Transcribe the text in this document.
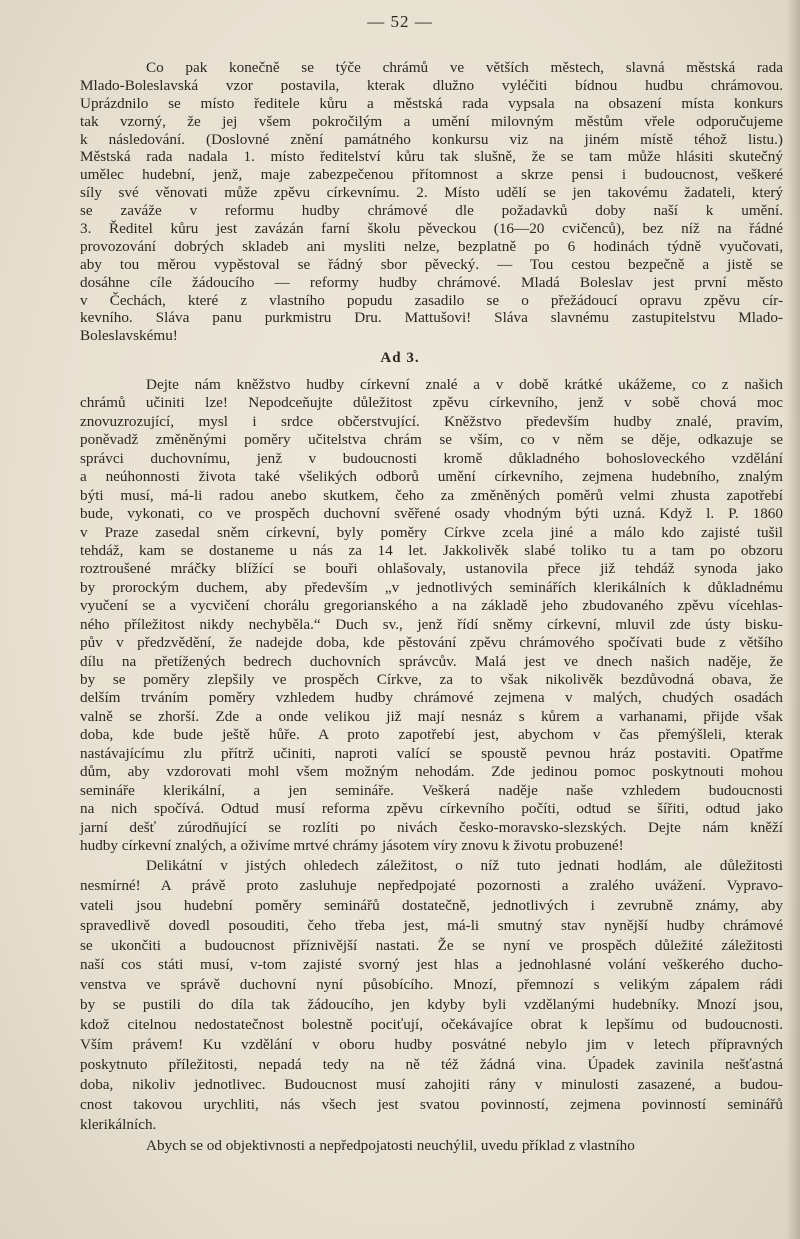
— 52 —
Ad 3.
Co pak konečně se týče chrámů ve větších městech, slavná městská rada
Mlado-Boleslavská vzor postavila, kterak dlužno vyléčiti bídnou hudbu chrámovou.
Uprázdnilo se místo ředitele kůru a městská rada vypsala na obsazení místa konkurs
tak vzorný, že jej všem pokročilým a umění milovným městům vřele odporučujeme
k následování. (Doslovné znění památného konkursu viz na jiném místě téhož listu.)
Městská rada nadala 1. místo ředitelství kůru tak slušně, že se tam může hlásiti skutečný
umělec hudební, jenž, maje zabezpečenou přítomnost a skrze pensi i budoucnost, veškeré
síly své věnovati může zpěvu církevnímu. 2. Místo udělí se jen takovému žadateli, který
se zaváže v reformu hudby chrámové dle požadavků doby naší k umění.
3. Ředitel kůru jest zavázán farní školu pěveckou (16—20 cvičenců), bez níž na řádné
provozování dobrých skladeb ani mysliti nelze, bezplatně po 6 hodinách týdně vyučovati,
aby tou měrou vypěstoval se řádný sbor pěvecký. — Tou cestou bezpečně a jistě se
dosáhne cíle žádoucího — reformy hudby chrámové. Mladá Boleslav jest první město
v Čechách, které z vlastního popudu zasadilo se o přežádoucí opravu zpěvu cír-
kevního. Sláva panu purkmistru Dru. Mattušovi! Sláva slavnému zastupitelstvu Mlado-
Boleslavskému!
Dejte nám kněžstvo hudby církevní znalé a v době krátké ukážeme, co z našich
chrámů učiniti lze! Nepodceňujte důležitost zpěvu církevního, jenž v sobě chová moc
znovuzrozující, mysl i srdce občerstvující. Kněžstvo především hudby znalé, pravím,
poněvadž změněnými poměry učitelstva chrám se vším, co v něm se děje, odkazuje se
správci duchovnímu, jenž v budoucnosti kromě důkladného bohosloveckého vzdělání
a neúhonnosti života také všelikých odborů umění církevního, zejmena hudebního, znalým
býti musí, má-li radou anebo skutkem, čeho za změněných poměrů velmi zhusta zapotřebí
bude, vykonati, co ve prospěch duchovní svěřené osady vhodným býti uzná. Když l. P. 1860
v Praze zasedal sněm církevní, byly poměry Církve zcela jiné a málo kdo zajisté tušil
tehdáž, kam se dostaneme u nás za 14 let. Jakkolivěk slabé toliko tu a tam po obzoru
roztroušené mráčky blížící se bouři ohlašovaly, ustanovila přece již tehdáž synoda jako
by prorockým duchem, aby především „v jednotlivých seminářích klerikálních k důkladnému
vyučení se a vycvičení chorálu gregorianského a na základě jeho zbudovaného zpěvu vícehlas-
ného příležitost nikdy nechyběla.“ Duch sv., jenž řídí sněmy církevní, mluvil zde ústy bisku-
pův v předzvědění, že nadejde doba, kde pěstování zpěvu chrámového spočívati bude z většího
dílu na přetížených bedrech duchovních správcův. Malá jest ve dnech našich naděje, že
by se poměry zlepšily ve prospěch Církve, za to však nikolivěk bezdůvodná obava, že
delším trváním poměry vzhledem hudby chrámové zejmena v malých, chudých osadách
valně se zhorší. Zde a onde velikou již mají nesnáz s kůrem a varhanami, přijde však
doba, kde bude ještě hůře. A proto zapotřebí jest, abychom v čas přemýšleli, kterak
nastávajícímu zlu přítrž učiniti, naproti valící se spoustě pevnou hráz postaviti. Opatřme
dům, aby vzdorovati mohl všem možným nehodám. Zde jedinou pomoc poskytnouti mohou
semináře klerikální, a jen semináře. Veškerá naděje naše vzhledem budoucnosti
na nich spočívá. Odtud musí reforma zpěvu církevního počíti, odtud se šířiti, odtud jako
jarní dešť zúrodňující se rozlíti po nivách česko-moravsko-slezských. Dejte nám kněží
hudby církevní znalých, a oživíme mrtvé chrámy jásotem víry znovu k životu probuzené!
Delikátní v jistých ohledech záležitost, o níž tuto jednati hodlám, ale důležitosti
nesmírné! A právě proto zasluhuje nepředpojaté pozornosti a zralého uvážení. Vypravo-
vateli jsou hudební poměry seminářů dostatečně, jednotlivých i zevrubně známy, aby
spravedlivě dovedl posouditi, čeho třeba jest, má-li smutný stav nynější hudby chrámové
se ukončiti a budoucnost příznivější nastati. Že se nyní ve prospěch důležité záležitosti
naší cos státi musí, v-tom zajisté svorný jest hlas a jednohlasné volání veškerého ducho-
venstva ve správě duchovní nyní působícího. Mnozí, přemnozí s velikým zápalem rádi
by se pustili do díla tak žádoucího, jen kdyby byli vzdělanými hudebníky. Mnozí jsou,
kdož citelnou nedostatečnost bolestně pociťují, očekávajíce obrat k lepšímu od budoucnosti.
Vším právem! Ku vzdělání v oboru hudby posvátné nebylo jim v letech přípravných
poskytnuto příležitosti, nepadá tedy na ně též žádná vina. Úpadek zavinila nešťastná
doba, nikoliv jednotlivec. Budoucnost musí zahojiti rány v minulosti zasazené, a budou-
cnost takovou urychliti, nás všech jest svatou povinností, zejmena povinností seminářů
klerikálních.
Abych se od objektivnosti a nepředpojatosti neuchýlil, uvedu příklad z vlastního
